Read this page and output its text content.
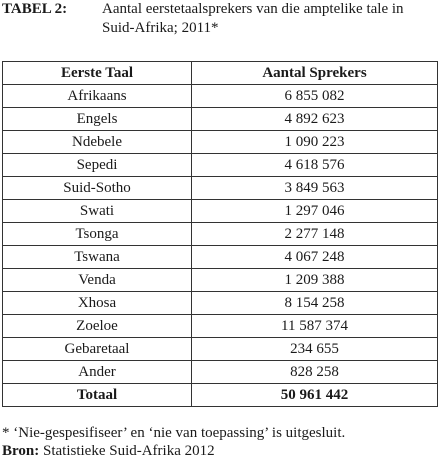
TABEL 2: Aantal eerstetaalsprekers van die amptelike tale in Suid-Afrika; 2011*
Eerste Taal	Aantal Sprekers
Afrikaans	6 855 082
Engels	4 892 623
Ndebele	1 090 223
Sepedi	4 618 576
Suid-Sotho	3 849 563
Swati	1 297 046
Tsonga	2 277 148
Tswana	4 067 248
Venda	1 209 388
Xhosa	8 154 258
Zoeloe	11 587 374
Gebaretaal	234 655
Ander	828 258
Totaal	50 961 442
* ‘Nie-gespesifiseer’ en ‘nie van toepassing’ is uitgesluit.
Bron: Statistieke Suid-Afrika 2012
